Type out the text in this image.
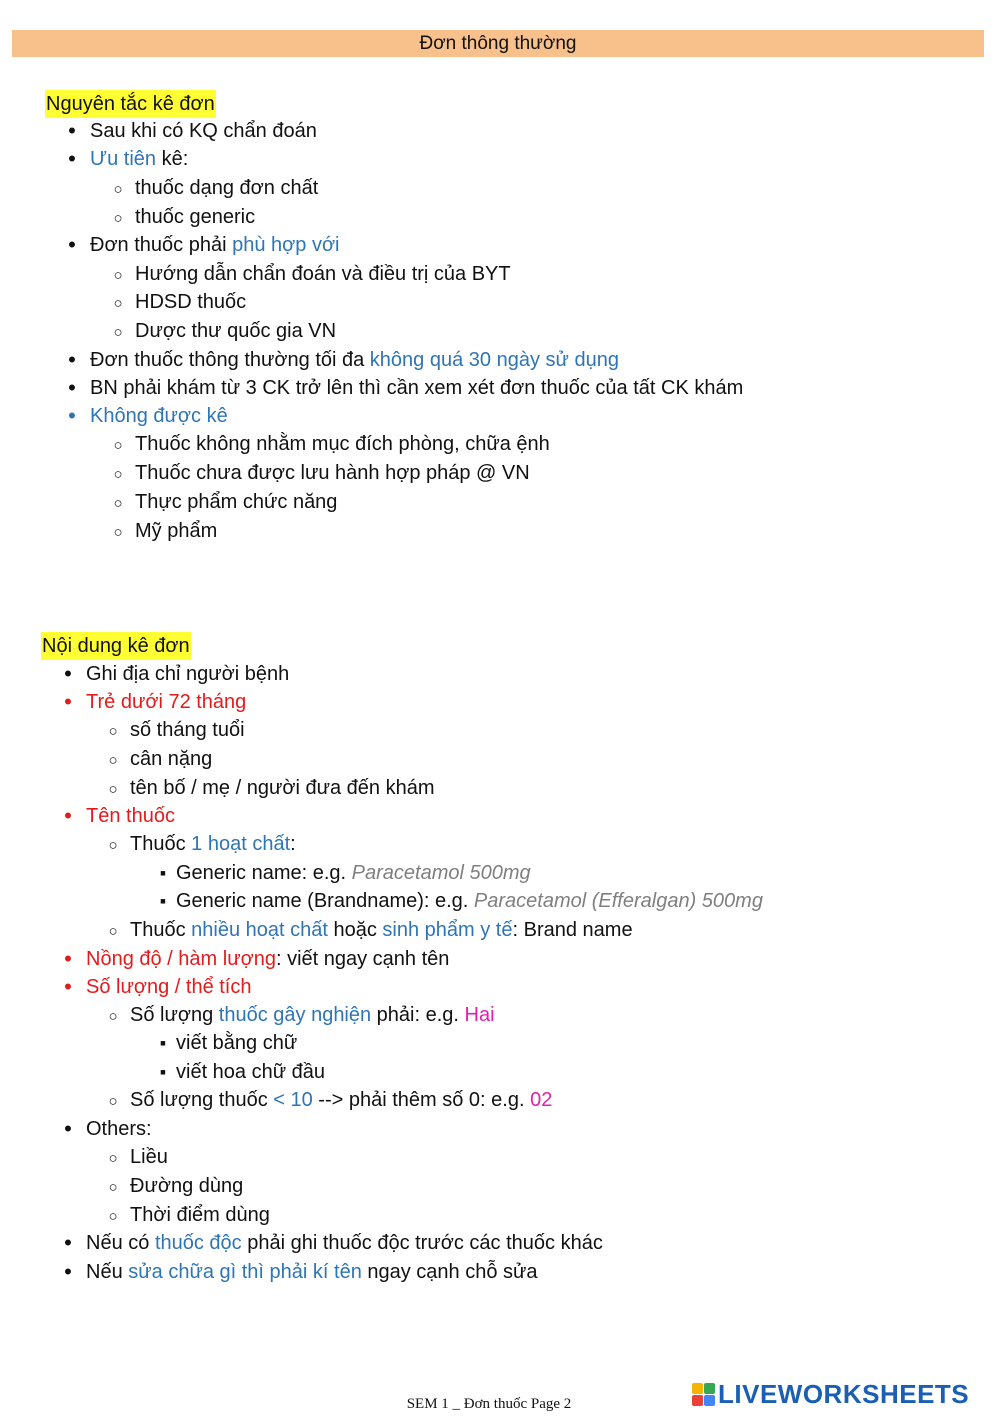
Đơn thông thường
Nguyên tắc kê đơn
•
Sau khi có KQ chẩn đoán
•
Ưu tiên kê:
○
thuốc dạng đơn chất
○
thuốc generic
•
Đơn thuốc phải phù hợp với
○
Hướng dẫn chẩn đoán và điều trị của BYT
○
HDSD thuốc
○
Dược thư quốc gia VN
•
Đơn thuốc thông thường tối đa không quá 30 ngày sử dụng
•
BN phải khám từ 3 CK trở lên thì cần xem xét đơn thuốc của tất CK khám
•
Không được kê
○
Thuốc không nhằm mục đích phòng, chữa ệnh
○
Thuốc chưa được lưu hành hợp pháp @ VN
○
Thực phẩm chức năng
○
Mỹ phẩm
Nội dung kê đơn
•
Ghi địa chỉ người bệnh
•
Trẻ dưới 72 tháng
○
số tháng tuổi
○
cân nặng
○
tên bố / mẹ / người đưa đến khám
•
Tên thuốc
○
Thuốc 1 hoạt chất:
▪
Generic name: e.g. Paracetamol 500mg
▪
Generic name (Brandname): e.g. Paracetamol (Efferalgan) 500mg
○
Thuốc nhiều hoạt chất hoặc sinh phẩm y tế: Brand name
•
Nồng độ / hàm lượng: viết ngay cạnh tên
•
Số lượng / thể tích
○
Số lượng thuốc gây nghiện phải: e.g. Hai
▪
viết bằng chữ
▪
viết hoa chữ đầu
○
Số lượng thuốc < 10 --> phải thêm số 0: e.g. 02
•
Others:
○
Liều
○
Đường dùng
○
Thời điểm dùng
•
Nếu có thuốc độc phải ghi thuốc độc trước các thuốc khác
•
Nếu sửa chữa gì thì phải kí tên ngay cạnh chỗ sửa
SEM 1 _ Đơn thuốc Page 2	LIVEWORKSHEETS
